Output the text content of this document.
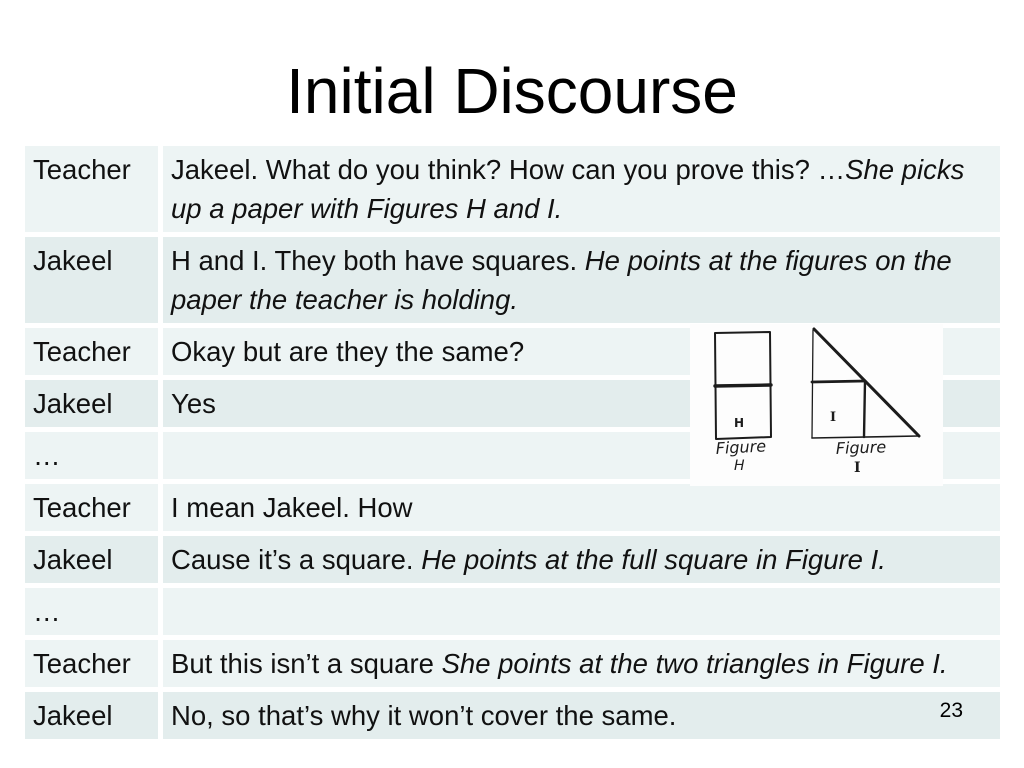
Initial Discourse
Teacher	Jakeel. What do you think? How can you prove this? …She picks up a paper with Figures H and I.
Jakeel	H and I. They both have squares. He points at the figures on the paper the teacher is holding.
Teacher	Okay but are they the same?
Jakeel	Yes
…
Teacher	I mean Jakeel. How
Jakeel	Cause it’s a square. He points at the full square in Figure I.
…
Teacher	But this isn’t a square She points at the two triangles in Figure I.
Jakeel	No, so that’s why it won’t cover the same.
H
Figure
H
I
Figure
I
23
